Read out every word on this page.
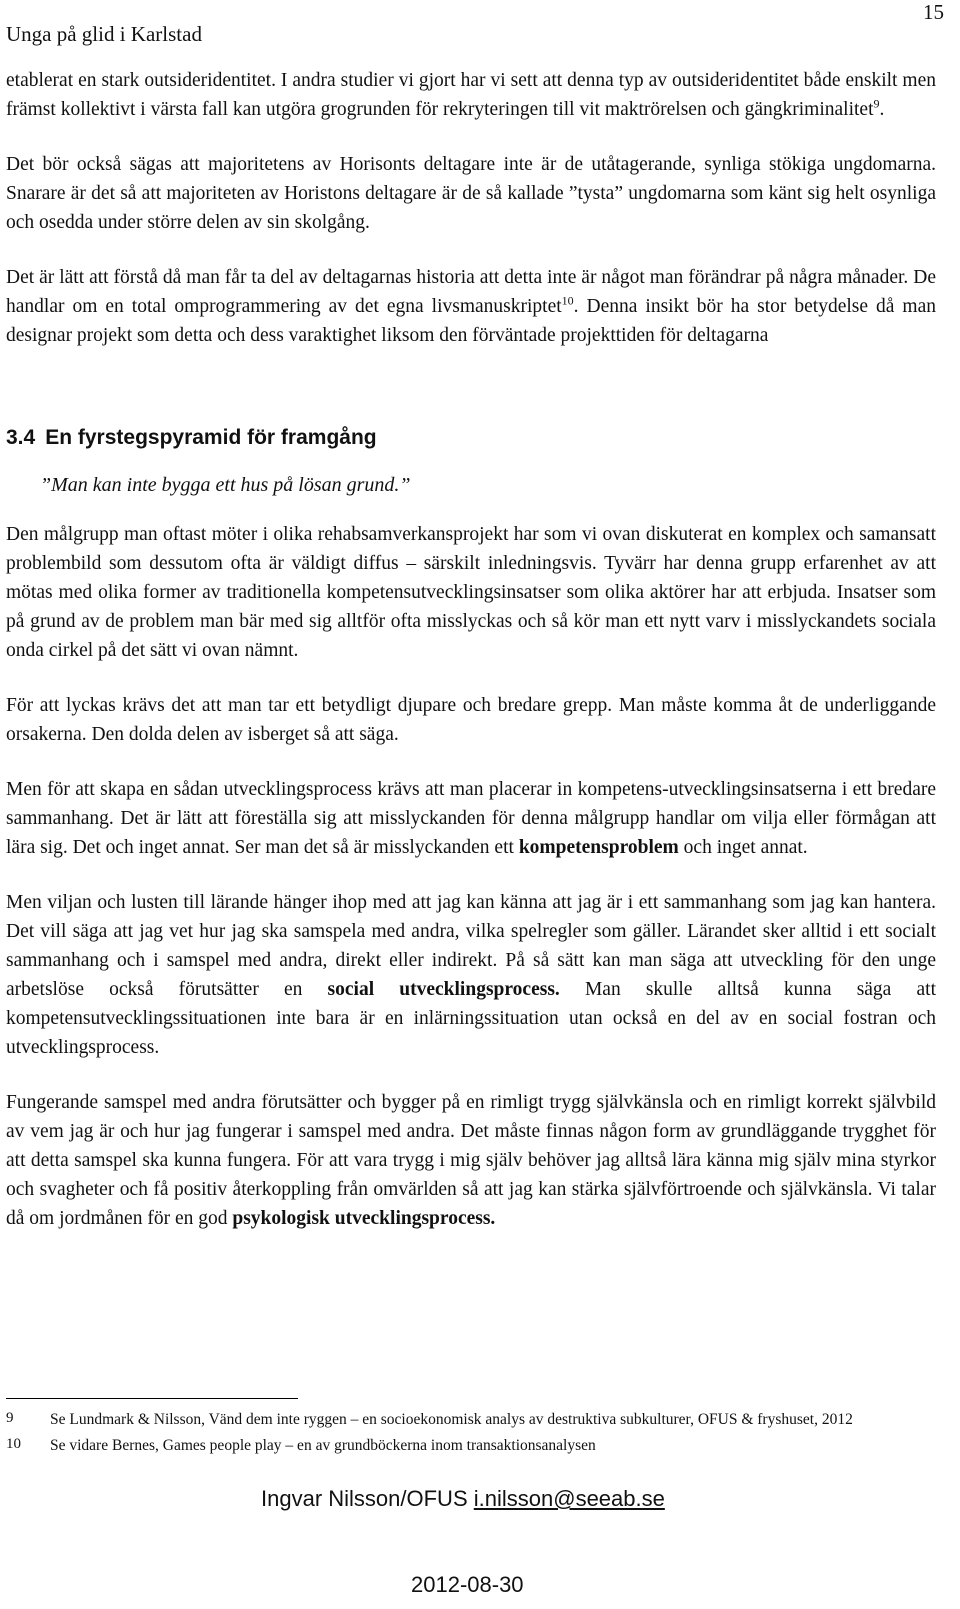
Unga på glid i Karlstad
15

etablerat en stark outsideridentitet. I andra studier vi gjort har vi sett att denna typ av outsideridentitet både enskilt men främst kollektivt i värsta fall kan utgöra grogrunden för rekryteringen till vit maktrörelsen och gängkriminalitet$^9$.

Det bör också sägas att majoritetens av Horisonts deltagare inte är de utåtagerande, synliga stökiga ungdomarna. Snarare är det så att majoriteten av Horistons deltagare är de så kallade ”tysta” ungdomarna som känt sig helt osynliga och osedda under större delen av sin skolgång.

Det är lätt att förstå då man får ta del av deltagarnas historia att detta inte är något man förändrar på några månader. De handlar om en total omprogrammering av det egna livsmanuskriptet$^{10}$. Denna insikt bör ha stor betydelse då man designar projekt som detta och dess varaktighet liksom den förväntade projekttiden för deltagarna

3.4 En fyrstegspyramid för framgång
”Man kan inte bygga ett hus på lösan grund.”

Den målgrupp man oftast möter i olika rehabsamverkansprojekt har som vi ovan diskuterat en komplex och samansatt problembild som dessutom ofta är väldigt diffus – särskilt inledningsvis. Tyvärr har denna grupp erfarenhet av att mötas med olika former av traditionella kompetensutvecklingsinsatser som olika aktörer har att erbjuda. Insatser som på grund av de problem man bär med sig alltför ofta misslyckas och så kör man ett nytt varv i misslyckandets sociala onda cirkel på det sätt vi ovan nämnt.

För att lyckas krävs det att man tar ett betydligt djupare och bredare grepp. Man måste komma åt de underliggande orsakerna. Den dolda delen av isberget så att säga.

Men för att skapa en sådan utvecklingsprocess krävs att man placerar in kompetens-utvecklingsinsatserna i ett bredare sammanhang. Det är lätt att föreställa sig att misslyckanden för denna målgrupp handlar om vilja eller förmågan att lära sig. Det och inget annat. Ser man det så är misslyckanden ett kompetensproblem och inget annat.

Men viljan och lusten till lärande hänger ihop med att jag kan känna att jag är i ett sammanhang som jag kan hantera. Det vill säga att jag vet hur jag ska samspela med andra, vilka spelregler som gäller. Lärandet sker alltid i ett socialt sammanhang och i samspel med andra, direkt eller indirekt. På så sätt kan man säga att utveckling för den unge arbetslöse också förutsätter en social utvecklingsprocess. Man skulle alltså kunna säga att kompetensutvecklingssituationen inte bara är en inlärningssituation utan också en del av en social fostran och utvecklingsprocess.

Fungerande samspel med andra förutsätter och bygger på en rimligt trygg självkänsla och en rimligt korrekt självbild av vem jag är och hur jag fungerar i samspel med andra. Det måste finnas någon form av grundläggande trygghet för att detta samspel ska kunna fungera. För att vara trygg i mig själv behöver jag alltså lära känna mig själv mina styrkor och svagheter och få positiv återkoppling från omvärlden så att jag kan stärka självförtroende och självkänsla. Vi talar då om jordmånen för en god psykologisk utvecklingsprocess.

9 Se Lundmark & Nilsson, Vänd dem inte ryggen – en socioekonomisk analys av destruktiva subkulturer, OFUS & fryshuset, 2012
10 Se vidare Bernes, Games people play – en av grundböckerna inom transaktionsanalysen
Ingvar Nilsson/OFUS i.nilsson@seeab.se
2012-08-30
